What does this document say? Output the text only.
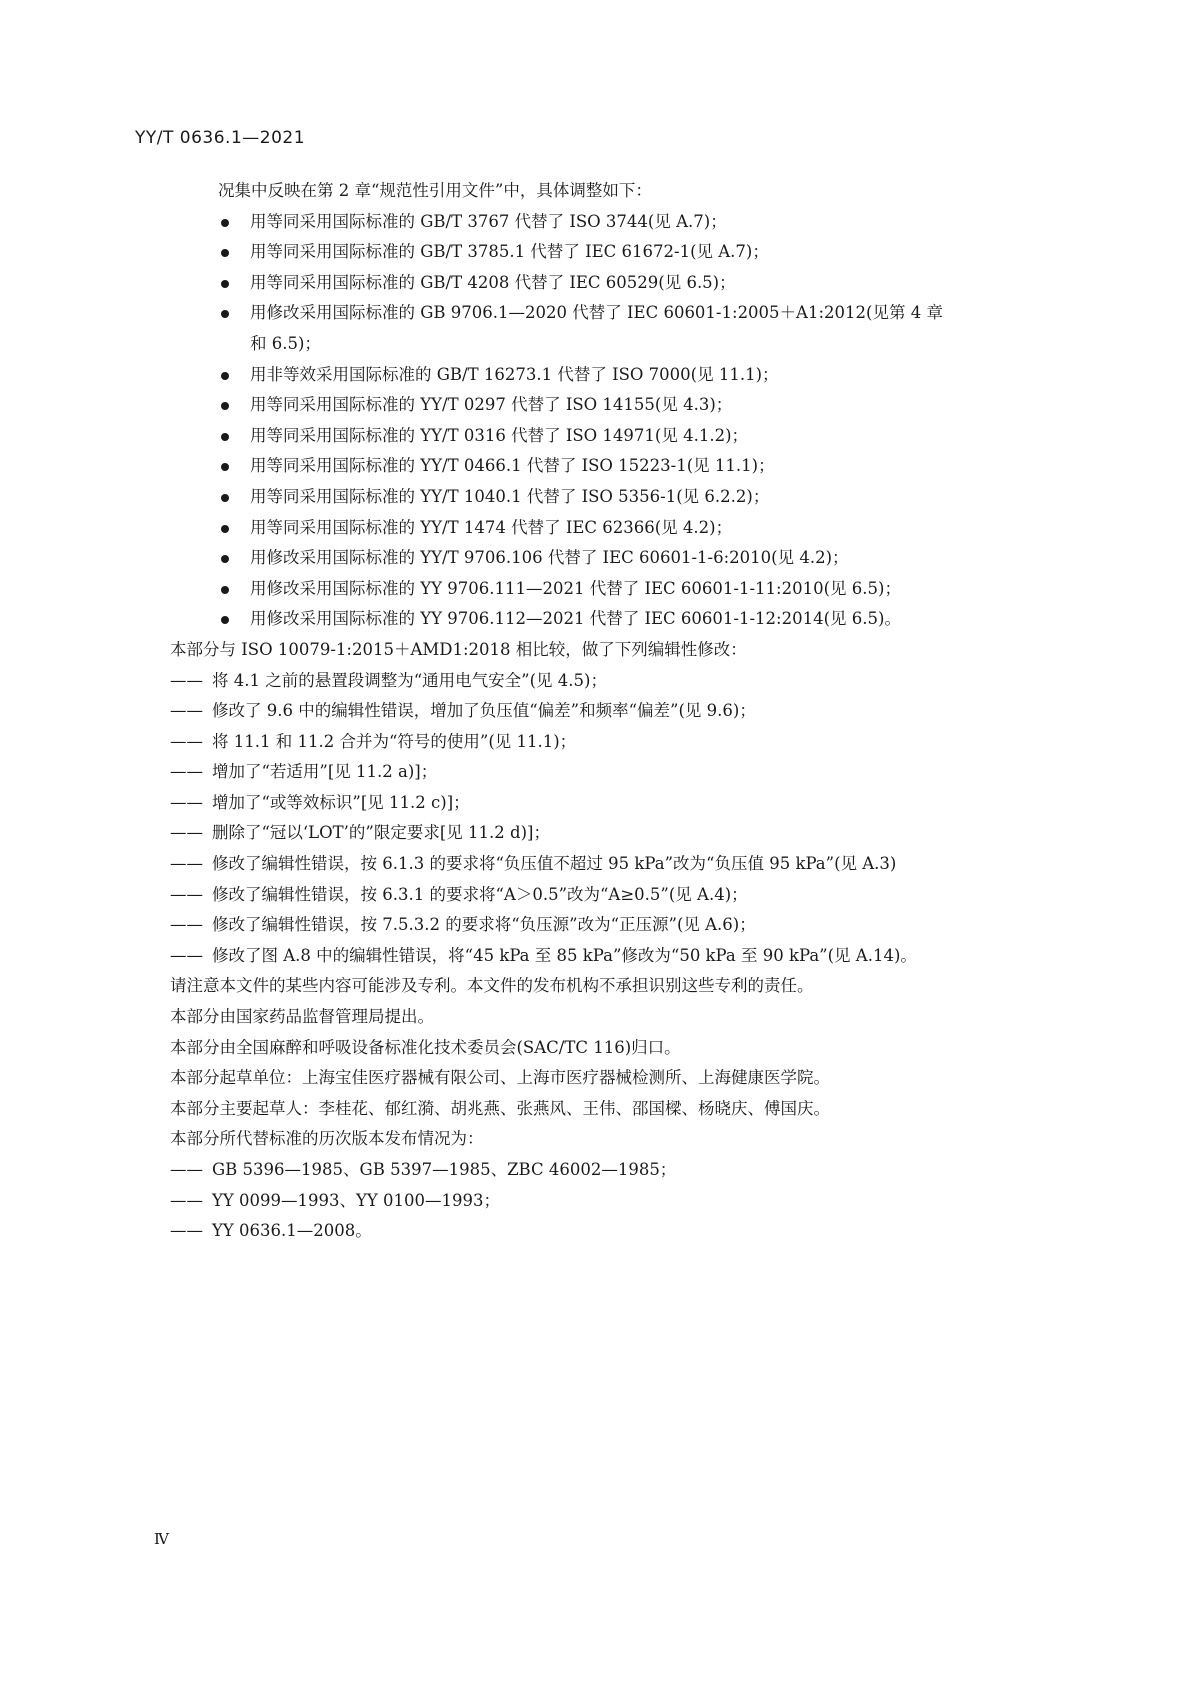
YY/T 0636.1—2021
况集中反映在第 2 章“规范性引用文件”中，具体调整如下：
用等同采用国际标准的 GB/T 3767 代替了 ISO 3744(见 A.7)；
用等同采用国际标准的 GB/T 3785.1 代替了 IEC 61672-1(见 A.7)；
用等同采用国际标准的 GB/T 4208 代替了 IEC 60529(见 6.5)；
用修改采用国际标准的 GB 9706.1—2020 代替了 IEC 60601-1:2005＋A1:2012(见第 4 章
和 6.5)；
用非等效采用国际标准的 GB/T 16273.1 代替了 ISO 7000(见 11.1)；
用等同采用国际标准的 YY/T 0297 代替了 ISO 14155(见 4.3)；
用等同采用国际标准的 YY/T 0316 代替了 ISO 14971(见 4.1.2)；
用等同采用国际标准的 YY/T 0466.1 代替了 ISO 15223-1(见 11.1)；
用等同采用国际标准的 YY/T 1040.1 代替了 ISO 5356-1(见 6.2.2)；
用等同采用国际标准的 YY/T 1474 代替了 IEC 62366(见 4.2)；
用修改采用国际标准的 YY/T 9706.106 代替了 IEC 60601-1-6:2010(见 4.2)；
用修改采用国际标准的 YY 9706.111—2021 代替了 IEC 60601-1-11:2010(见 6.5)；
用修改采用国际标准的 YY 9706.112—2021 代替了 IEC 60601-1-12:2014(见 6.5)。
本部分与 ISO 10079-1:2015＋AMD1:2018 相比较，做了下列编辑性修改：
—— 将 4.1 之前的悬置段调整为“通用电气安全”(见 4.5)；
—— 修改了 9.6 中的编辑性错误，增加了负压值“偏差”和频率“偏差”(见 9.6)；
—— 将 11.1 和 11.2 合并为“符号的使用”(见 11.1)；
—— 增加了“若适用”[见 11.2 a)]；
—— 增加了“或等效标识”[见 11.2 c)]；
—— 删除了“冠以‘LOT’的”限定要求[见 11.2 d)]；
—— 修改了编辑性错误，按 6.1.3 的要求将“负压值不超过 95 kPa”改为“负压值 95 kPa”(见 A.3)
—— 修改了编辑性错误，按 6.3.1 的要求将“A＞0.5”改为“A≥0.5”(见 A.4)；
—— 修改了编辑性错误，按 7.5.3.2 的要求将“负压源”改为“正压源”(见 A.6)；
—— 修改了图 A.8 中的编辑性错误，将“45 kPa 至 85 kPa”修改为“50 kPa 至 90 kPa”(见 A.14)。
请注意本文件的某些内容可能涉及专利。本文件的发布机构不承担识别这些专利的责任。
本部分由国家药品监督管理局提出。
本部分由全国麻醉和呼吸设备标准化技术委员会(SAC/TC 116)归口。
本部分起草单位：上海宝佳医疗器械有限公司、上海市医疗器械检测所、上海健康医学院。
本部分主要起草人：李桂花、郁红漪、胡兆燕、张燕风、王伟、邵国樑、杨晓庆、傅国庆。
本部分所代替标准的历次版本发布情况为：
—— GB 5396—1985、GB 5397—1985、ZBC 46002—1985；
—— YY 0099—1993、YY 0100—1993；
—— YY 0636.1—2008。
Ⅳ
